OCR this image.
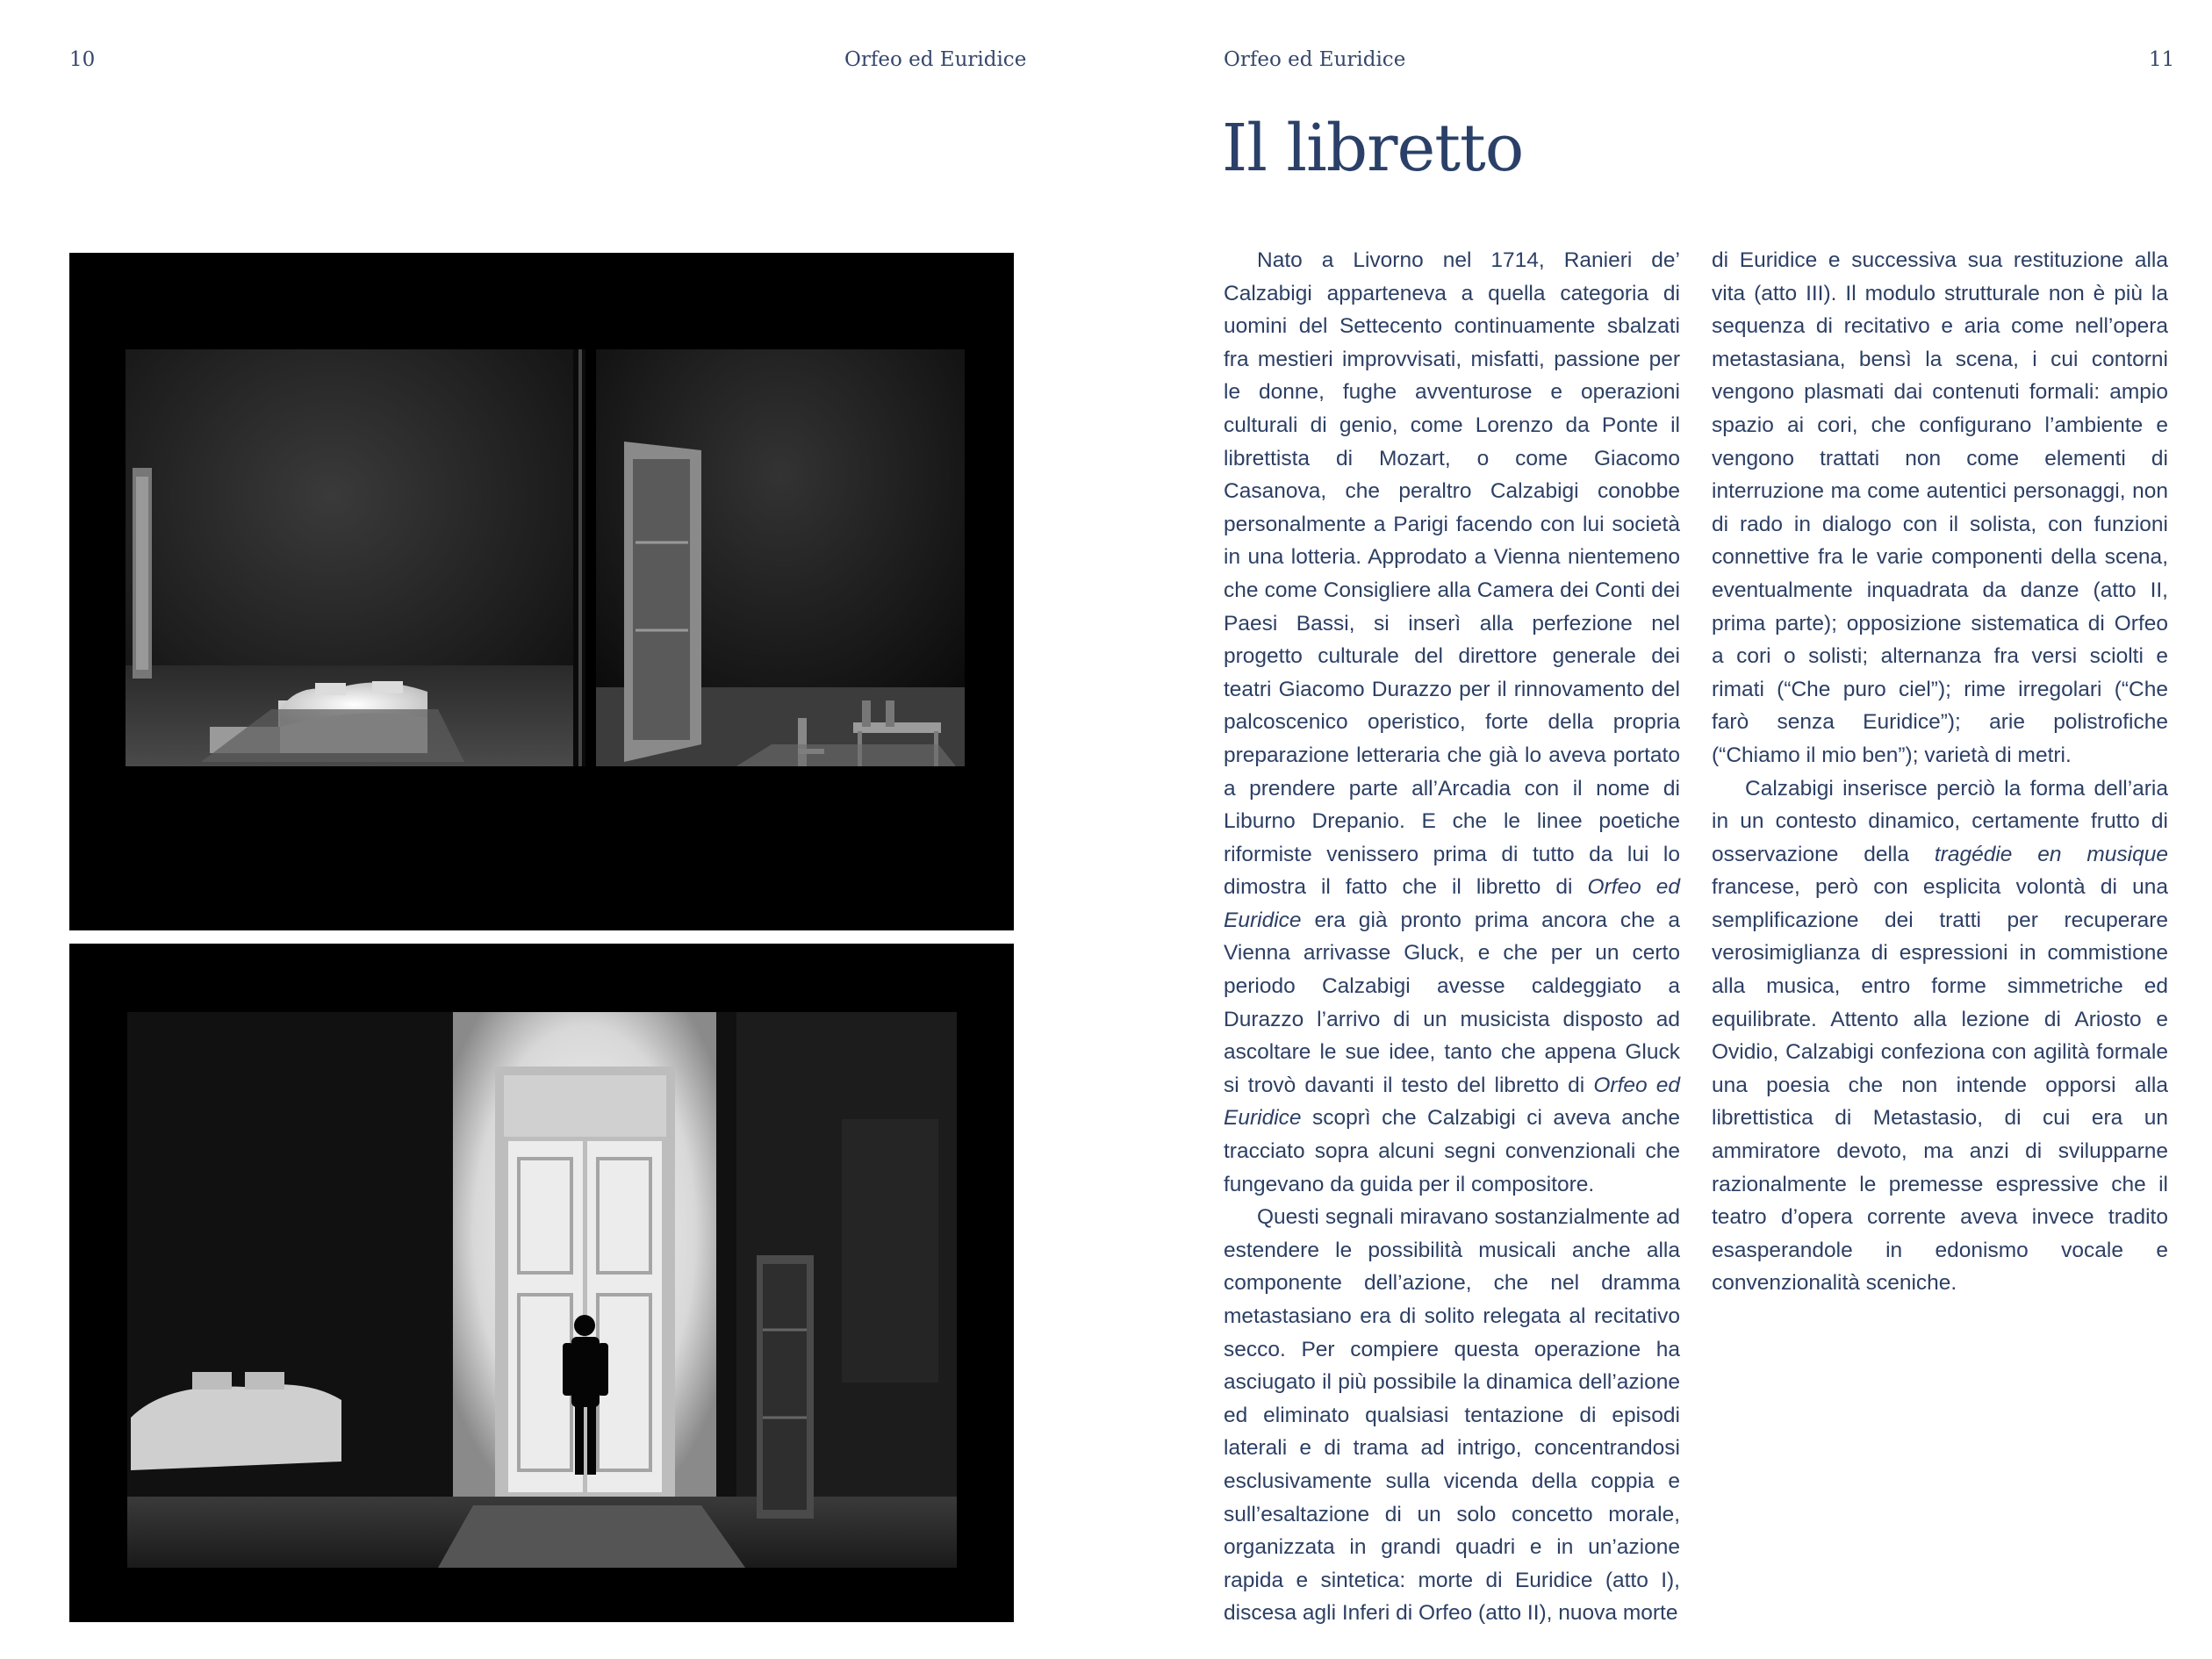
10	Orfeo ed Euridice	Orfeo ed Euridice	11

Il libretto

Nato a Livorno nel 1714, Ranieri de’ Calzabigi apparteneva a quella categoria di uomini del Settecento continuamente sbalzati fra mestieri improvvisati, misfatti, passione per le donne, fughe avventurose e operazioni culturali di genio, come Lorenzo da Ponte il librettista di Mozart, o come Giacomo Casanova, che peraltro Calzabigi conobbe personalmente a Parigi facendo con lui società in una lotteria. Approdato a Vienna nientemeno che come Consigliere alla Camera dei Conti dei Paesi Bassi, si inserì alla perfezione nel progetto culturale del direttore generale dei teatri Giacomo Durazzo per il rinnovamento del palcoscenico operistico, forte della propria preparazione letteraria che già lo aveva portato a prendere parte all’Arcadia con il nome di Liburno Drepanio. E che le linee poetiche riformiste venissero prima di tutto da lui lo dimostra il fatto che il libretto di Orfeo ed Euridice era già pronto prima ancora che a Vienna arrivasse Gluck, e che per un certo periodo Calzabigi avesse caldeggiato a Durazzo l’arrivo di un musicista disposto ad ascoltare le sue idee, tanto che appena Gluck si trovò davanti il testo del libretto di Orfeo ed Euridice scoprì che Calzabigi ci aveva anche tracciato sopra alcuni segni convenzionali che fungevano da guida per il compositore.

Questi segnali miravano sostanzialmente ad estendere le possibilità musicali anche alla componente dell’azione, che nel dramma metastasiano era di solito relegata al recitativo secco. Per compiere questa operazione ha asciugato il più possibile la dinamica dell’azione ed eliminato qualsiasi tentazione di episodi laterali e di trama ad intrigo, concentrandosi esclusivamente sulla vicenda della coppia e sull’esaltazione di un solo concetto morale, organizzata in grandi quadri e in un’azione rapida e sintetica: morte di Euridice (atto I), discesa agli Inferi di Orfeo (atto II), nuova morte

di Euridice e successiva sua restituzione alla vita (atto III). Il modulo strutturale non è più la sequenza di recitativo e aria come nell’opera metastasiana, bensì la scena, i cui contorni vengono plasmati dai contenuti formali: ampio spazio ai cori, che configurano l’ambiente e vengono trattati non come elementi di interruzione ma come autentici personaggi, non di rado in dialogo con il solista, con funzioni connettive fra le varie componenti della scena, eventualmente inquadrata da danze (atto II, prima parte); opposizione sistematica di Orfeo a cori o solisti; alternanza fra versi sciolti e rimati (“Che puro ciel”); rime irregolari (“Che farò senza Euridice”); arie polistrofiche (“Chiamo il mio ben”); varietà di metri.

Calzabigi inserisce perciò la forma dell’aria in un contesto dinamico, certamente frutto di osservazione della tragédie en musique francese, però con esplicita volontà di una semplificazione dei tratti per recuperare verosimiglianza di espressioni in commistione alla musica, entro forme simmetriche ed equilibrate. Attento alla lezione di Ariosto e Ovidio, Calzabigi confeziona con agilità formale una poesia che non intende opporsi alla librettistica di Metastasio, di cui era un ammiratore devoto, ma anzi di svilupparne razionalmente le premesse espressive che il teatro d’opera corrente aveva invece tradito esasperandole in edonismo vocale e convenzionalità sceniche.
